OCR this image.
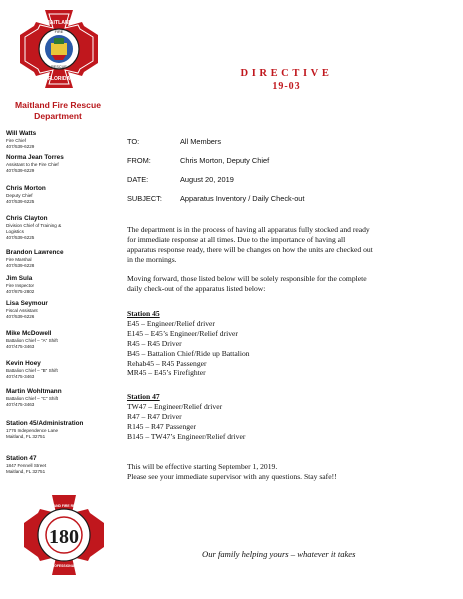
MAITLAND
FLORIDA
FIRE
RESCUE
Maitland Fire Rescue
Department
Will Watts
Fire Chief
407/539-6229
Norma Jean Torres
Assistant to the Fire Chief
407/539-6229
Chris Morton
Deputy Chief
407/539-6225
Chris Clayton
Division Chief of Training &
Logistics
407/539-6225
Brandon Lawrence
Fire Marshal
407/539-6228
Jim Sula
Fire Inspector
407/875-2802
Lisa Seymour
Fiscal Assistant
407/539-6226
Mike McDowell
Battalion Chief – "A" Shift
407/475-3463
Kevin Hoey
Battalion Chief – "B" Shift
407/475-3463
Martin Wohltmann
Battalion Chief – "C" Shift
407/475-3463
Station 45/Administration
1776 Independence Lane
Maitland, FL 32751
Station 47
1847 Fennell Street
Maitland, FL 32751
180
MAITLAND FIRE RESCUE
PROFESSIONALS
DIRECTIVE
19-03
TO:	All Members
FROM:	Chris Morton, Deputy Chief
DATE:	August 20, 2019
SUBJECT: Apparatus Inventory / Daily Check-out
The department is in the process of having all apparatus fully stocked and ready
for immediate response at all times. Due to the importance of having all
apparatus response ready, there will be changes on how the units are checked out
in the mornings.
Moving forward, those listed below will be solely responsible for the complete
daily check-out of the apparatus listed below:
Station 45
E45 – Engineer/Relief driver
E145 – E45’s Engineer/Relief driver
R45 – R45 Driver
B45 – Battalion Chief/Ride up Battalion
Rehab45 – R45 Passenger
MR45 – E45’s Firefighter
Station 47
TW47 – Engineer/Relief driver
R47 – R47 Driver
R145 – R47 Passenger
B145 – TW47’s Engineer/Relief driver
This will be effective starting September 1, 2019.
Please see your immediate supervisor with any questions. Stay safe!!
Our family helping yours – whatever it takes
